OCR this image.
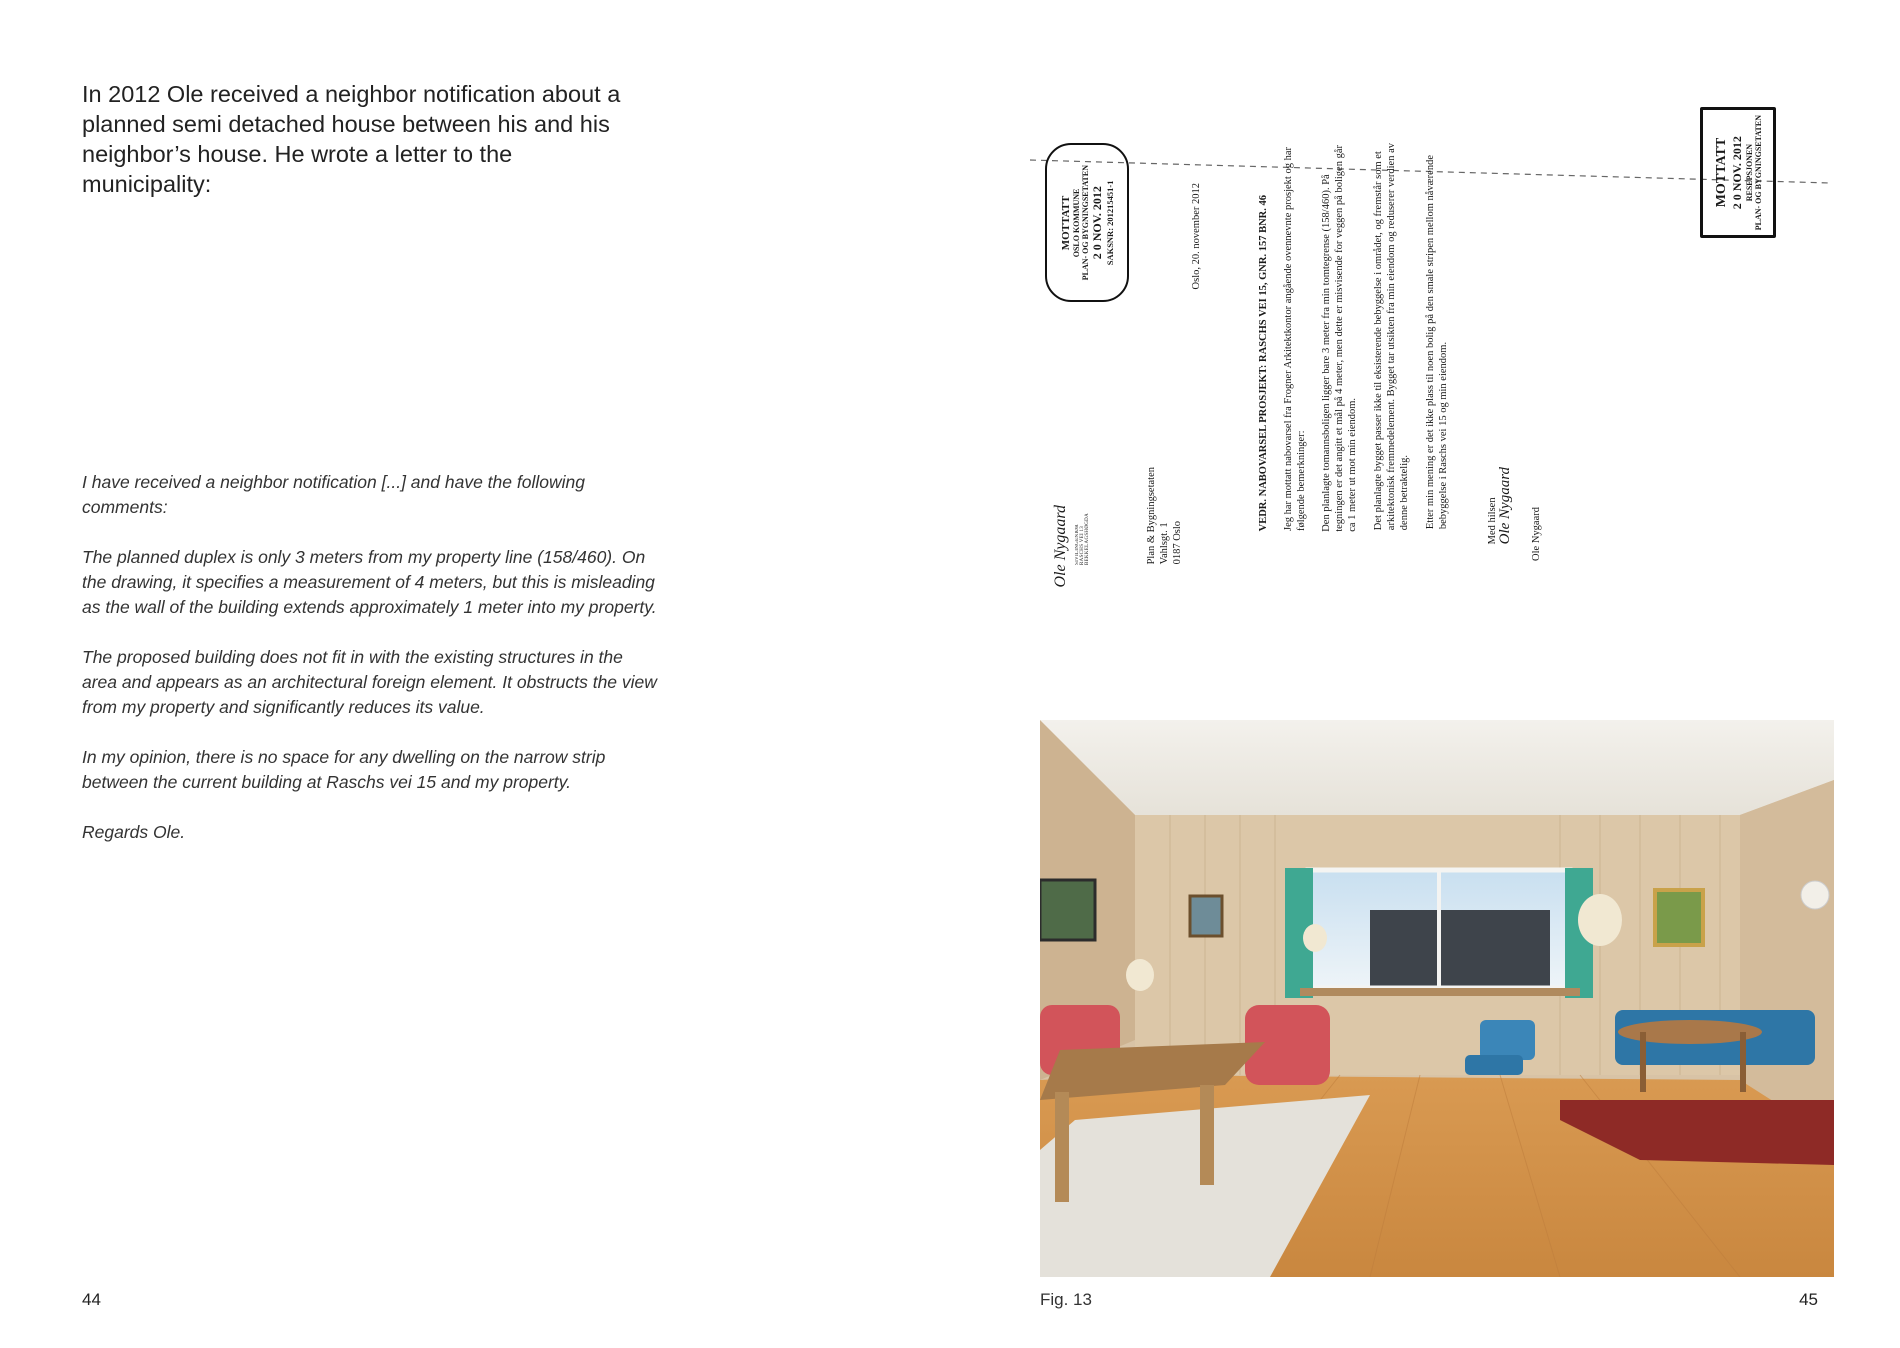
In 2012 Ole received a neighbor notification about a planned semi detached house between his and his neighbor’s house. He wrote a letter to the municipality:

I have received a neighbor notification [...] and have the following comments:

The planned duplex is only 3 meters from my property line (158/460). On the drawing, it specifies a measurement of 4 meters, but this is misleading as the wall of the building extends approximately 1 meter into my property.

The proposed building does not fit in with the existing structures in the area and appears as an architectural foreign element. It obstructs the view from my property and significantly reduces its value.

In my opinion, there is no space for any dwelling on the narrow strip between the current building at Raschs vei 15 and my property.

Regards Ole.

44
MOTTATT OSLO KOMMUNE PLAN- OG BYGNINGSETATEN 2 0 NOV. 2012 SAKSNR: 201215451-1
MOTTATT 2 0 NOV. 2012 RESEPSJONEN PLAN- OG BYGNINGSETATEN
Ole Nygaard SIVILINGENIØR RASCHS VEI 13 BEKKELAGSHØGDA	Plan & Bygningsetaten Vahlsgt. 1 0187 Oslo
Oslo, 20. november 2012	VEDR. NABOVARSEL PROSJEKT: RASCHS VEI 15, GNR. 157 BNR. 46 Jeg har mottatt nabovarsel fra Frogner Arkitektkontor angående ovennevnte prosjekt og har følgende bemerkninger: Den planlagte tomannsboligen ligger bare 3 meter fra min tomtegrense (158/460). På tegningen er det angitt et mål på 4 meter, men dette er misvisende for veggen på boligen går ca 1 meter ut mot min eiendom. Det planlagte bygget passer ikke til eksisterende bebyggelse i området, og fremstår som et arkitektonisk fremmedelement. Bygget tar utsikten fra min eiendom og reduserer verdien av denne betraktelig. Etter min mening er det ikke plass til noen bolig på den smale stripen mellom nåværende bebyggelse i Raschs vei 15 og min eiendom.	Med hilsen Ole Nygaard Ole Nygaard
Fig. 13	45
